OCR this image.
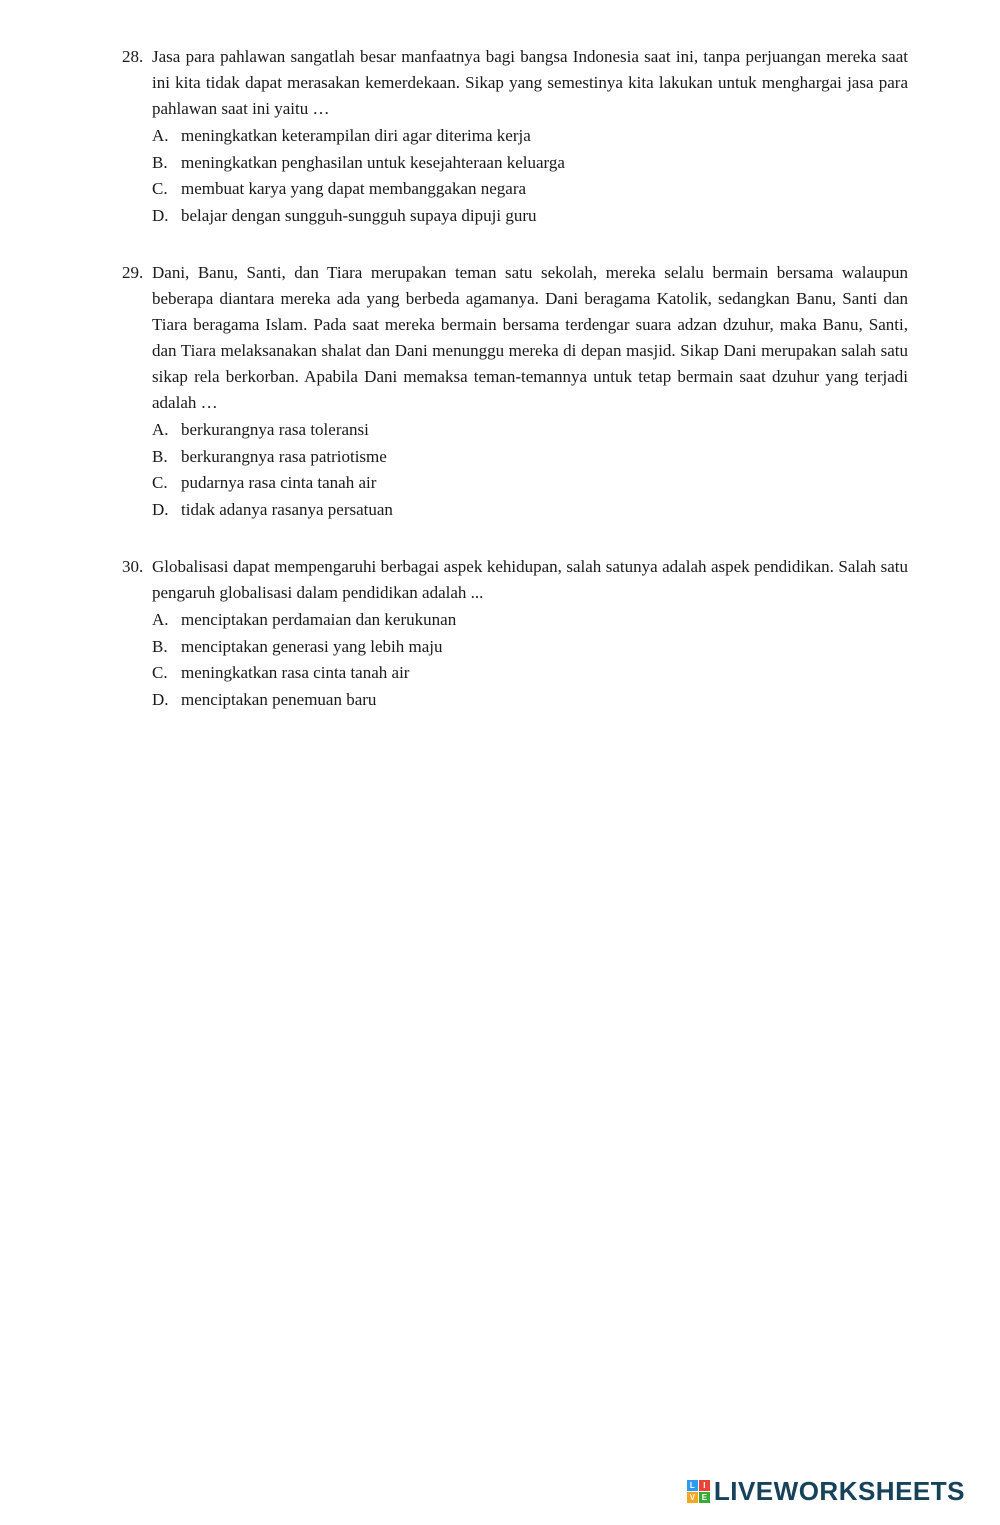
28. Jasa para pahlawan sangatlah besar manfaatnya bagi bangsa Indonesia saat ini, tanpa perjuangan mereka saat ini kita tidak dapat merasakan kemerdekaan. Sikap yang semestinya kita lakukan untuk menghargai jasa para pahlawan saat ini yaitu …
A. meningkatkan keterampilan diri agar diterima kerja
B. meningkatkan penghasilan untuk kesejahteraan keluarga
C. membuat karya yang dapat membanggakan negara
D. belajar dengan sungguh-sungguh supaya dipuji guru
29. Dani, Banu, Santi, dan Tiara merupakan teman satu sekolah, mereka selalu bermain bersama walaupun beberapa diantara mereka ada yang berbeda agamanya. Dani beragama Katolik, sedangkan Banu, Santi dan Tiara beragama Islam. Pada saat mereka bermain bersama terdengar suara adzan dzuhur, maka Banu, Santi, dan Tiara melaksanakan shalat dan Dani menunggu mereka di depan masjid. Sikap Dani merupakan salah satu sikap rela berkorban. Apabila Dani memaksa teman-temannya untuk tetap bermain saat dzuhur yang terjadi adalah …
A. berkurangnya rasa toleransi
B. berkurangnya rasa patriotisme
C. pudarnya rasa cinta tanah air
D. tidak adanya rasanya persatuan
30. Globalisasi dapat mempengaruhi berbagai aspek kehidupan, salah satunya adalah aspek pendidikan. Salah satu pengaruh globalisasi dalam pendidikan adalah ...
A. menciptakan perdamaian dan kerukunan
B. menciptakan generasi yang lebih maju
C. meningkatkan rasa cinta tanah air
D. menciptakan penemuan baru
L	I
V E LIVEWORKSHEETS
